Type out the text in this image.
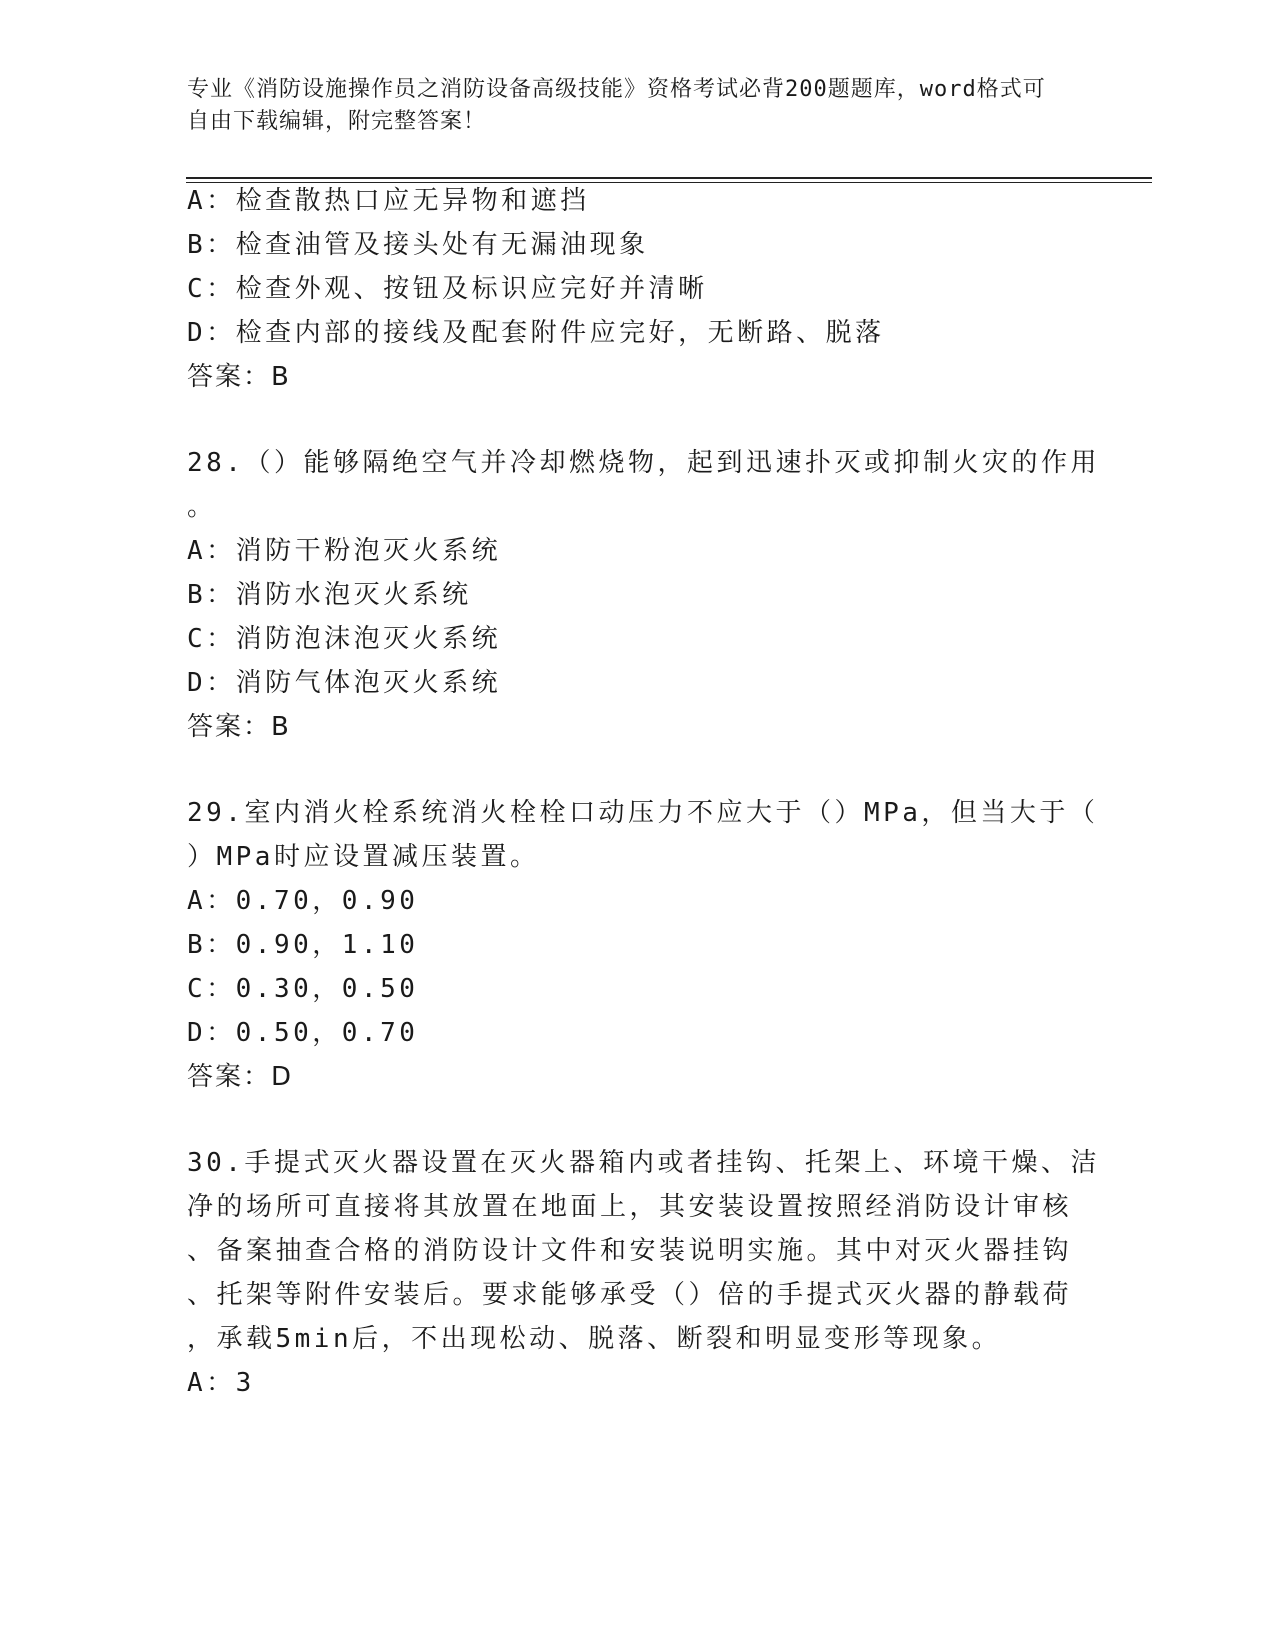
专业《消防设施操作员之消防设备高级技能》资格考试必背200题题库，word格式可自由下载编辑，附完整答案！
A：检查散热口应无异物和遮挡
B：检查油管及接头处有无漏油现象
C：检查外观、按钮及标识应完好并清晰
D：检查内部的接线及配套附件应完好，无断路、脱落
答案：B
28.（）能够隔绝空气并冷却燃烧物，起到迅速扑灭或抑制火灾的作用
。
A：消防干粉泡灭火系统
B：消防水泡灭火系统
C：消防泡沫泡灭火系统
D：消防气体泡灭火系统
答案：B
29.室内消火栓系统消火栓栓口动压力不应大于（）MPa，但当大于（
）MPa时应设置减压装置。
A：0.70，0.90
B：0.90，1.10
C：0.30，0.50
D：0.50，0.70
答案：D
30.手提式灭火器设置在灭火器箱内或者挂钩、托架上、环境干燥、洁
净的场所可直接将其放置在地面上，其安装设置按照经消防设计审核
、备案抽查合格的消防设计文件和安装说明实施。其中对灭火器挂钩
、托架等附件安装后。要求能够承受（）倍的手提式灭火器的静载荷
，承载5min后，不出现松动、脱落、断裂和明显变形等现象。
A：3
